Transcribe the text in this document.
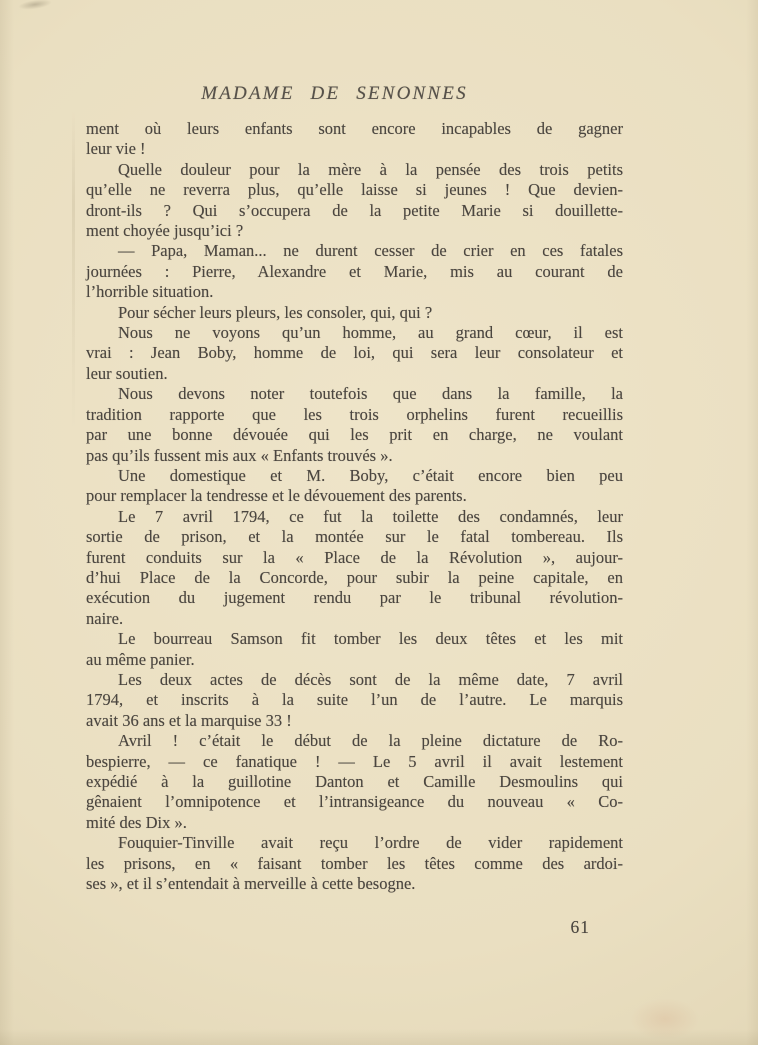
MADAME DE SENONNES
ment où leurs enfants sont encore incapables de gagner
leur vie !
Quelle douleur pour la mère à la pensée des trois petits
qu’elle ne reverra plus, qu’elle laisse si jeunes ! Que devien-
dront-ils ? Qui s’occupera de la petite Marie si douillette-
ment choyée jusqu’ici ?
— Papa, Maman... ne durent cesser de crier en ces fatales
journées : Pierre, Alexandre et Marie, mis au courant de
l’horrible situation.
Pour sécher leurs pleurs, les consoler, qui, qui ?
Nous ne voyons qu’un homme, au grand cœur, il est
vrai : Jean Boby, homme de loi, qui sera leur consolateur et
leur soutien.
Nous devons noter toutefois que dans la famille, la
tradition rapporte que les trois orphelins furent recueillis
par une bonne dévouée qui les prit en charge, ne voulant
pas qu’ils fussent mis aux « Enfants trouvés ».
Une domestique et M. Boby, c’était encore bien peu
pour remplacer la tendresse et le dévouement des parents.
Le 7 avril 1794, ce fut la toilette des condamnés, leur
sortie de prison, et la montée sur le fatal tombereau. Ils
furent conduits sur la « Place de la Révolution », aujour-
d’hui Place de la Concorde, pour subir la peine capitale, en
exécution du jugement rendu par le tribunal révolution-
naire.
Le bourreau Samson fit tomber les deux têtes et les mit
au même panier.
Les deux actes de décès sont de la même date, 7 avril
1794, et inscrits à la suite l’un de l’autre. Le marquis
avait 36 ans et la marquise 33 !
Avril ! c’était le début de la pleine dictature de Ro-
bespierre, — ce fanatique ! — Le 5 avril il avait lestement
expédié à la guillotine Danton et Camille Desmoulins qui
gênaient l’omnipotence et l’intransigeance du nouveau « Co-
mité des Dix ».
Fouquier-Tinville avait reçu l’ordre de vider rapidement
les prisons, en « faisant tomber les têtes comme des ardoi-
ses », et il s’entendait à merveille à cette besogne.
61
